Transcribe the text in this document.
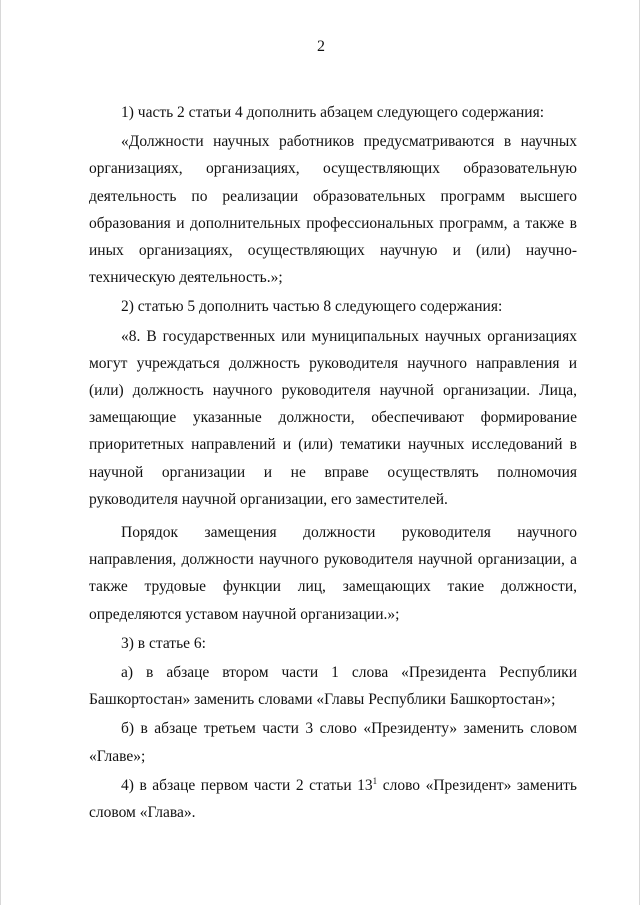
2

1) часть 2 статьи 4 дополнить абзацем следующего содержания:

«Должности научных работников предусматриваются в научных организациях, организациях, осуществляющих образовательную деятельность по реализации образовательных программ высшего образования и дополнительных профессиональных программ, а также в иных организациях, осуществляющих научную и (или) научно-техническую деятельность.»;

2) статью 5 дополнить частью 8 следующего содержания:

«8. В государственных или муниципальных научных организациях могут учреждаться должность руководителя научного направления и (или) должность научного руководителя научной организации. Лица, замещающие указанные должности, обеспечивают формирование приоритетных направлений и (или) тематики научных исследований в научной организации и не вправе осуществлять полномочия руководителя научной организации, его заместителей.

Порядок замещения должности руководителя научного направления, должности научного руководителя научной организации, а также трудовые функции лиц, замещающих такие должности, определяются уставом научной организации.»;

3) в статье 6:

а) в абзаце втором части 1 слова «Президента Республики Башкортостан» заменить словами «Главы Республики Башкортостан»;

б) в абзаце третьем части 3 слово «Президенту» заменить словом «Главе»;

4) в абзаце первом части 2 статьи $13^1$ слово «Президент» заменить словом «Глава».
